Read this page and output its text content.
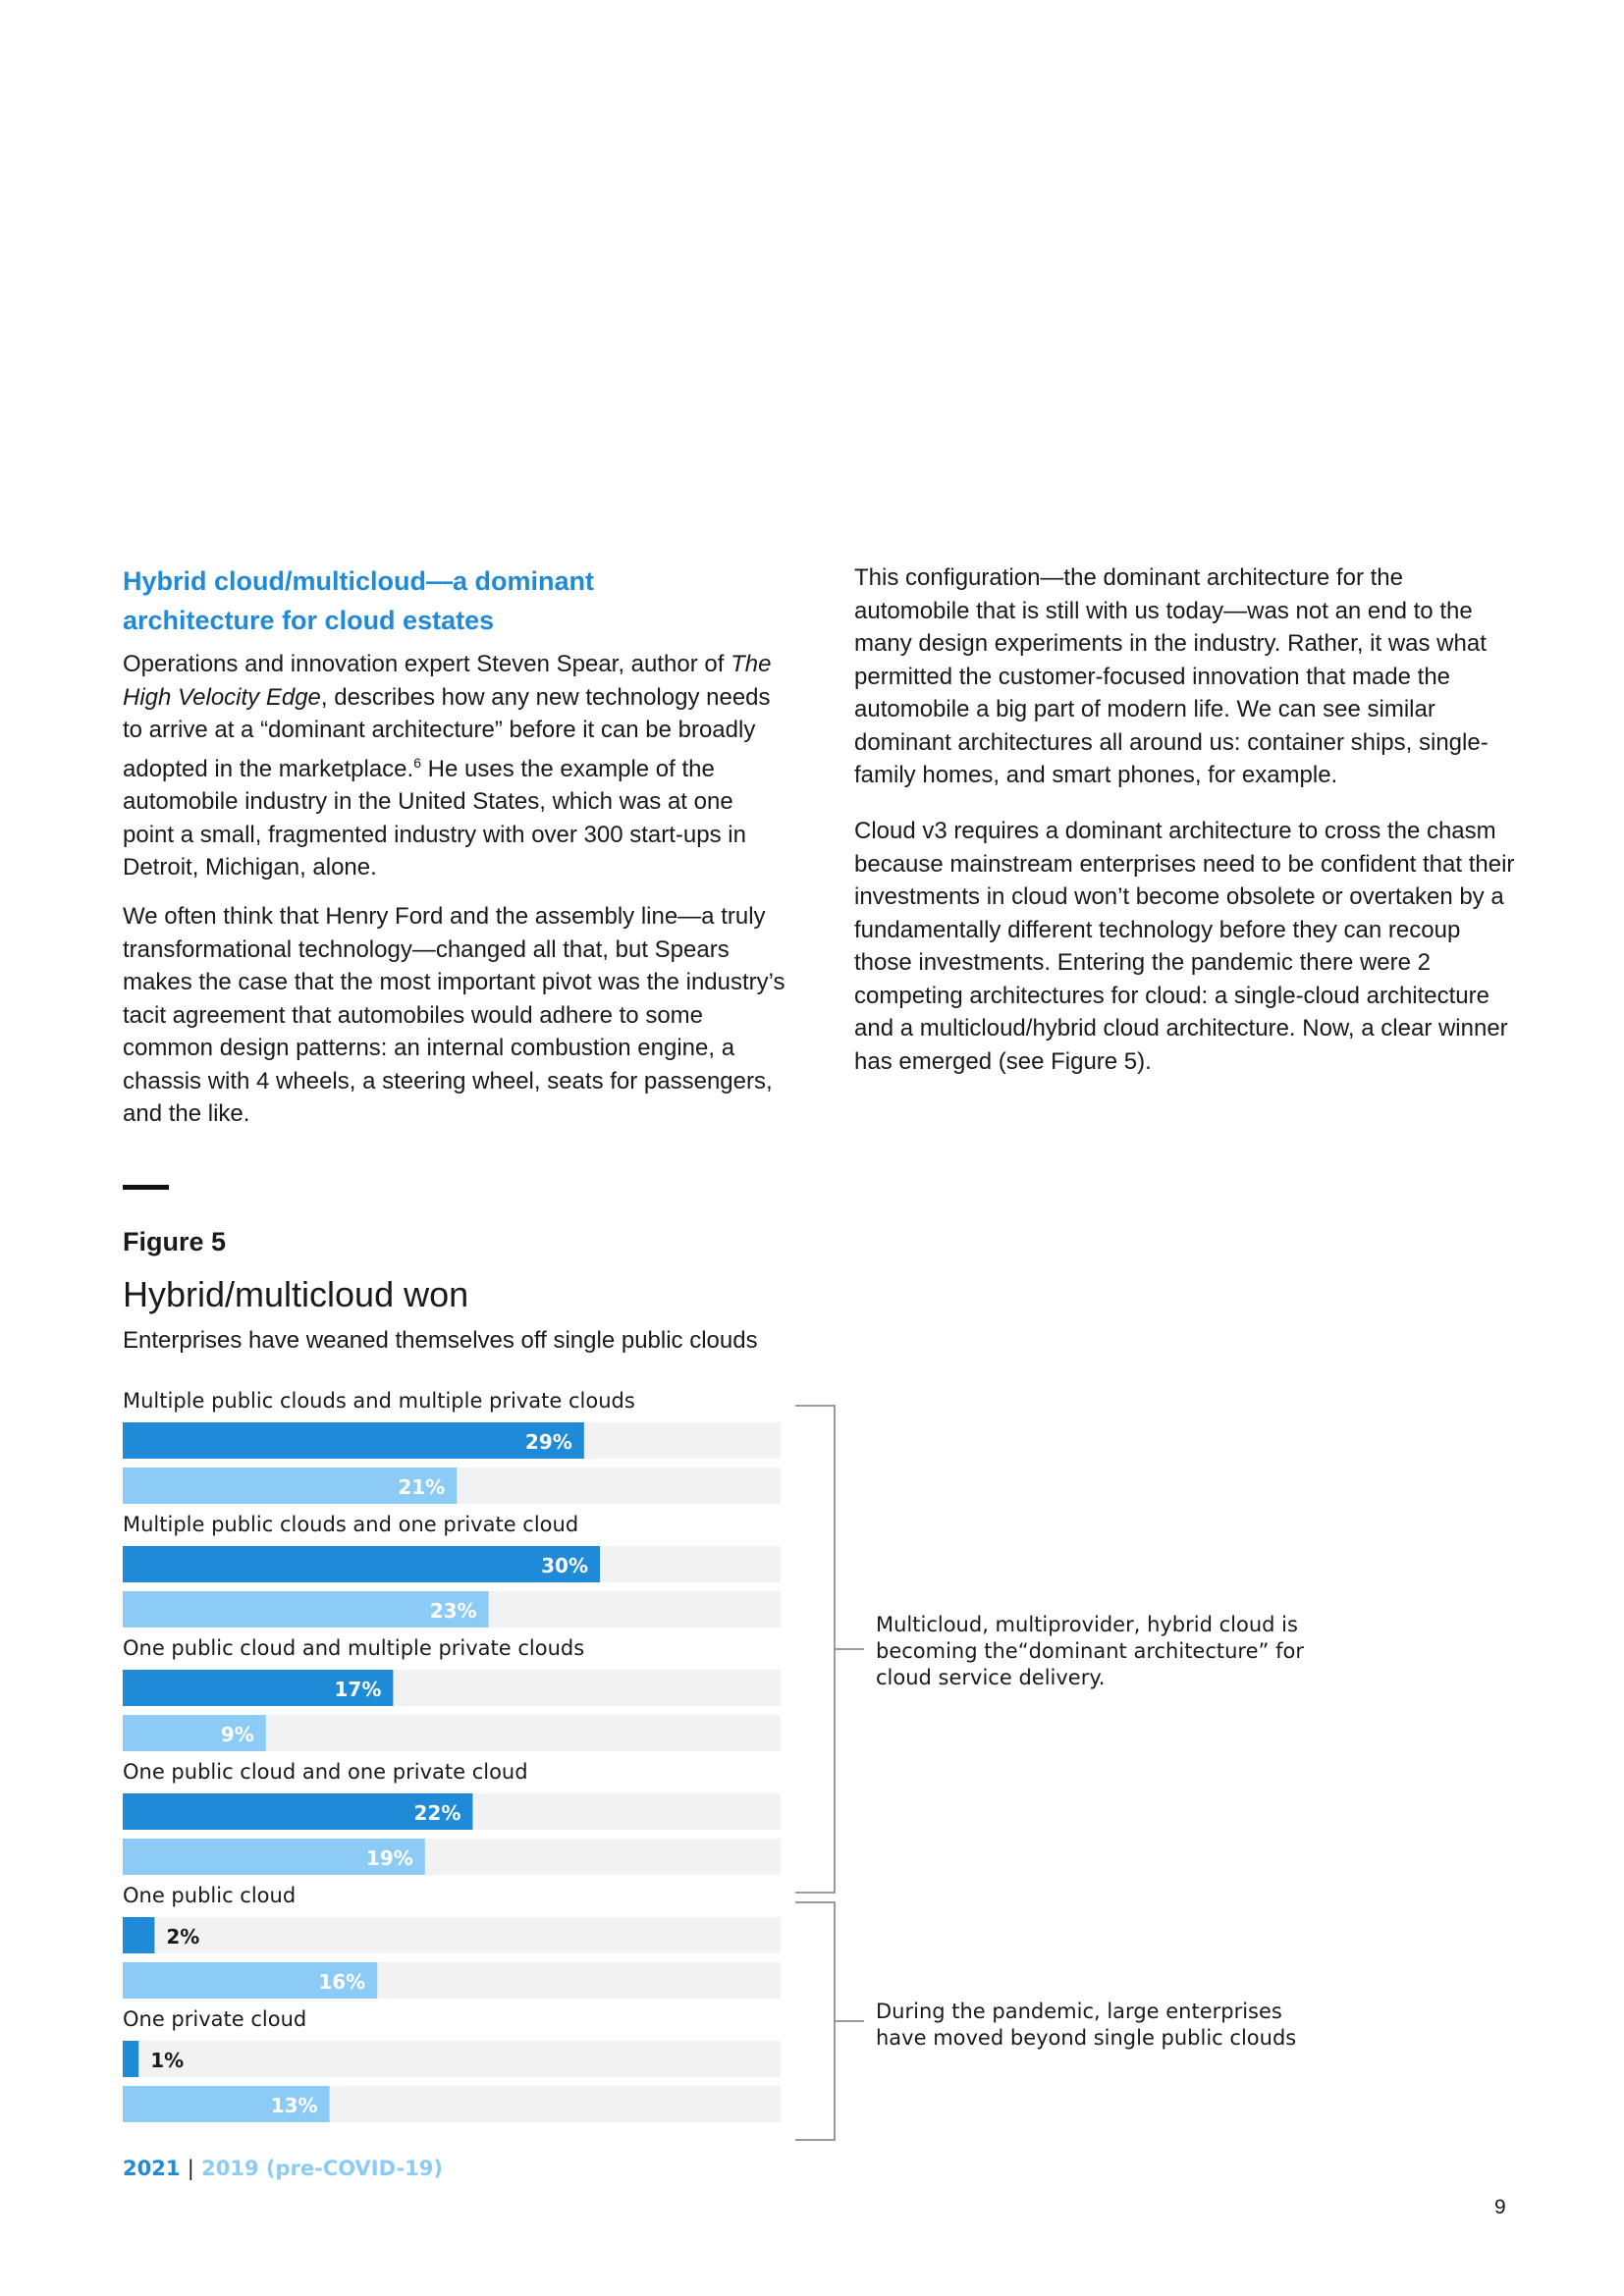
Hybrid cloud/multicloud—a dominant architecture for cloud estates

Operations and innovation expert Steven Spear, author of The High Velocity Edge, describes how any new technology needs to arrive at a “dominant architecture” before it can be broadly adopted in the marketplace.$^6$ He uses the example of the automobile industry in the United States, which was at one point a small, fragmented industry with over 300 start-ups in Detroit, Michigan, alone.

We often think that Henry Ford and the assembly line—a truly transformational technology—changed all that, but Spears makes the case that the most important pivot was the industry’s tacit agreement that automobiles would adhere to some common design patterns: an internal combustion engine, a chassis with 4 wheels, a steering wheel, seats for passengers, and the like.

This configuration—the dominant architecture for the automobile that is still with us today—was not an end to the many design experiments in the industry. Rather, it was what permitted the customer-focused innovation that made the automobile a big part of modern life. We can see similar dominant architectures all around us: container ships, single-family homes, and smart phones, for example.

Cloud v3 requires a dominant architecture to cross the chasm because mainstream enterprises need to be confident that their investments in cloud won’t become obsolete or overtaken by a fundamentally different technology before they can recoup those investments. Entering the pandemic there were 2 competing architectures for cloud: a single-cloud architecture and a multicloud/hybrid cloud architecture. Now, a clear winner has emerged (see Figure 5).

Figure 5

Hybrid/multicloud won

Enterprises have weaned themselves off single public clouds

Multiple public clouds and multiple private clouds
29%
21%
Multiple public clouds and one private cloud
30%
23%
One public cloud and multiple private clouds
17%
9%
One public cloud and one private cloud
22%
19%
One public cloud
2%
16%
One private cloud
1%
13%

Multicloud, multiprovider, hybrid cloud is becoming the“dominant architecture” for cloud service delivery.

During the pandemic, large enterprises have moved beyond single public clouds

2021 | 2019 (pre-COVID-19)
9
